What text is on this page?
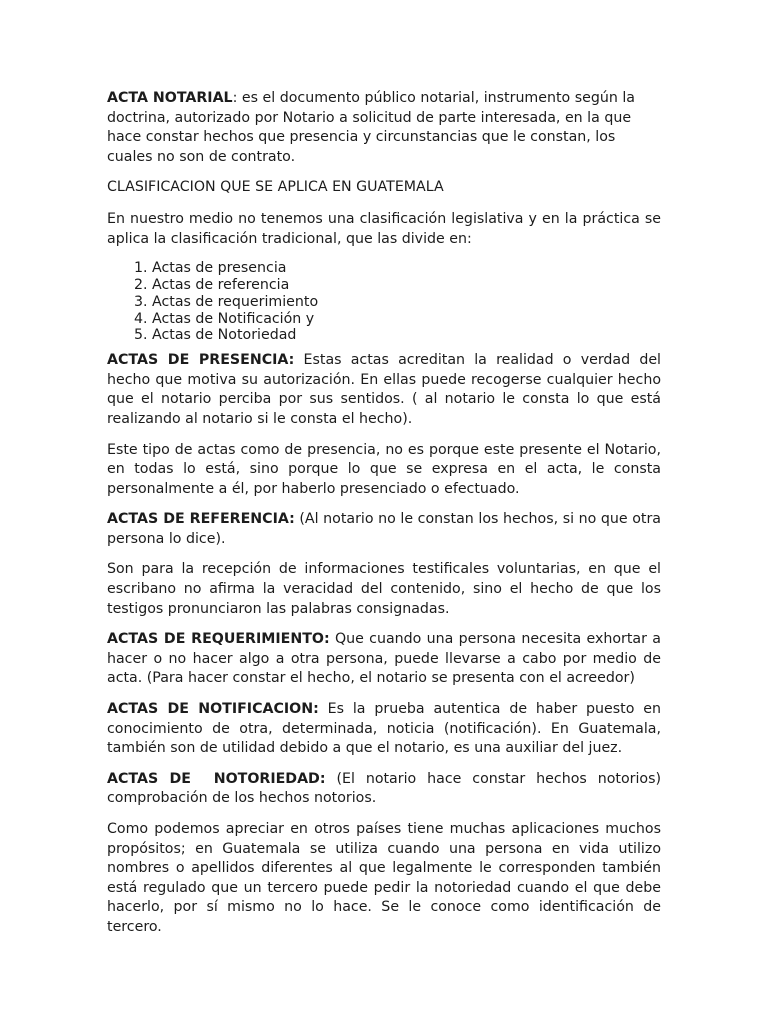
ACTA NOTARIAL: es el documento público notarial, instrumento según la doctrina, autorizado por Notario a solicitud de parte interesada, en la que hace constar hechos que presencia y circunstancias que le constan, los cuales no son de contrato.

CLASIFICACION QUE SE APLICA EN GUATEMALA

En nuestro medio no tenemos una clasificación legislativa y en la práctica se aplica la clasificación tradicional, que las divide en:

1. Actas de presencia
2. Actas de referencia
3. Actas de requerimiento
4. Actas de Notificación y
5. Actas de Notoriedad

ACTAS DE PRESENCIA: Estas actas acreditan la realidad o verdad del hecho que motiva su autorización. En ellas puede recogerse cualquier hecho que el notario perciba por sus sentidos. ( al notario le consta lo que está realizando al notario si le consta el hecho).

Este tipo de actas como de presencia, no es porque este presente el Notario, en todas lo está, sino porque lo que se expresa en el acta, le consta personalmente a él, por haberlo presenciado o efectuado.

ACTAS DE REFERENCIA: (Al notario no le constan los hechos, si no que otra persona lo dice).

Son para la recepción de informaciones testificales voluntarias, en que el escribano no afirma la veracidad del contenido, sino el hecho de que los testigos pronunciaron las palabras consignadas.

ACTAS DE REQUERIMIENTO: Que cuando una persona necesita exhortar a hacer o no hacer algo a otra persona, puede llevarse a cabo por medio de acta. (Para hacer constar el hecho, el notario se presenta con el acreedor)

ACTAS DE NOTIFICACION: Es la prueba autentica de haber puesto en conocimiento de otra, determinada, noticia (notificación). En Guatemala, también son de utilidad debido a que el notario, es una auxiliar del juez.

ACTAS DE  NOTORIEDAD: (El notario hace constar hechos notorios) comprobación de los hechos notorios.

Como podemos apreciar en otros países tiene muchas aplicaciones muchos propósitos; en Guatemala se utiliza cuando una persona en vida utilizo nombres o apellidos diferentes al que legalmente le corresponden también está regulado que un tercero puede pedir la notoriedad cuando el que debe hacerlo, por sí mismo no lo hace. Se le conoce como identificación de tercero.
